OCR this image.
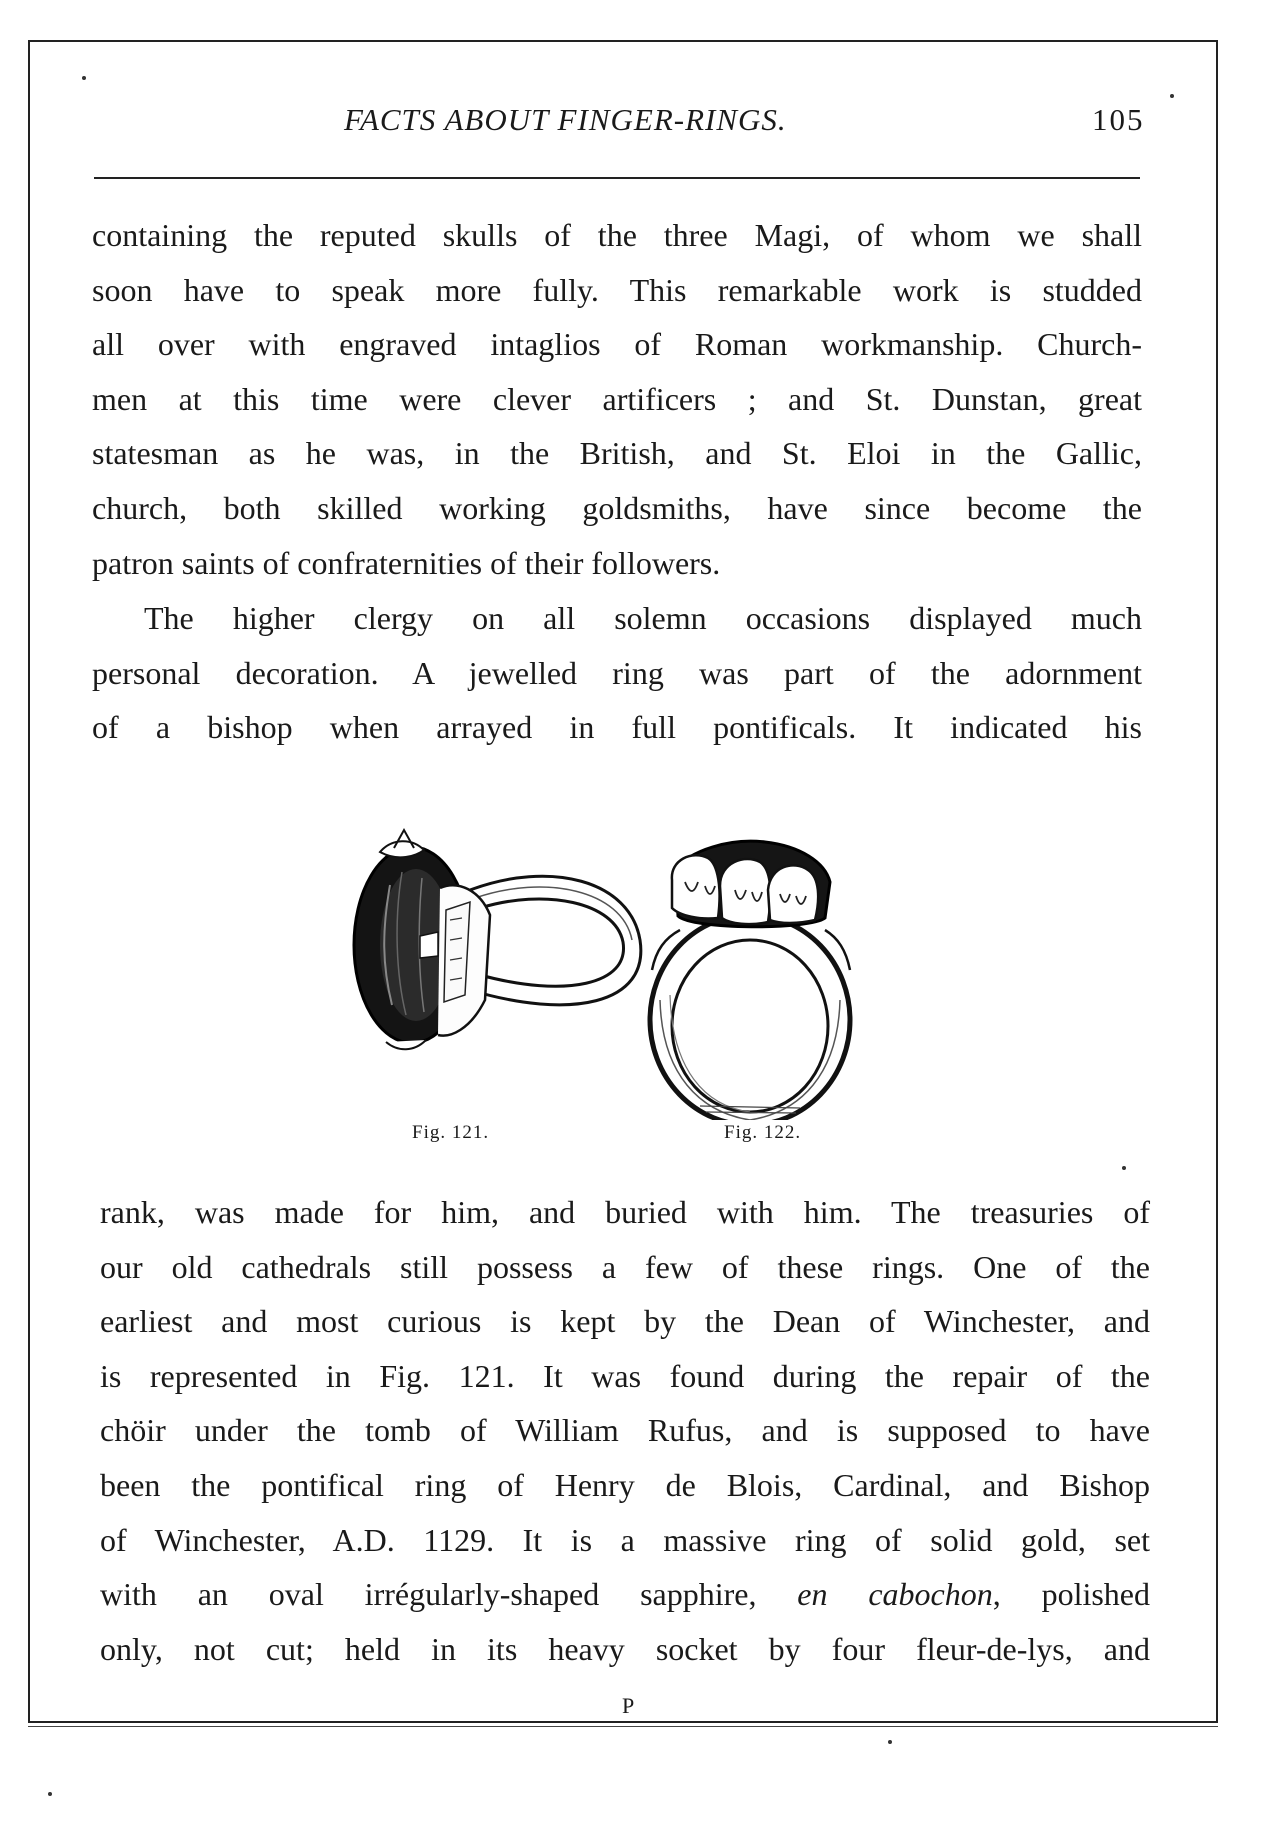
FACTS ABOUT FINGER-RINGS.	105
containing the reputed skulls of the three Magi, of whom we shall
soon have to speak more fully. This remarkable work is studded
all over with engraved intaglios of Roman workmanship. Church-
men at this time were clever artificers ; and St. Dunstan, great
statesman as he was, in the British, and St. Eloi in the Gallic,
church, both skilled working goldsmiths, have since become the
patron saints of confraternities of their followers.
The higher clergy on all solemn occasions displayed much
personal decoration. A jewelled ring was part of the adornment
of a bishop when arrayed in full pontificals. It indicated his
Fig. 121.	Fig. 122.
rank, was made for him, and buried with him. The treasuries of
our old cathedrals still possess a few of these rings. One of the
earliest and most curious is kept by the Dean of Winchester, and
is represented in Fig. 121. It was found during the repair of the
chöir under the tomb of William Rufus, and is supposed to have
been the pontifical ring of Henry de Blois, Cardinal, and Bishop
of Winchester, A.D. 1129. It is a massive ring of solid gold, set
with an oval irrégularly-shaped sapphire, en cabochon, polished
only, not cut; held in its heavy socket by four fleur-de-lys, and
P
